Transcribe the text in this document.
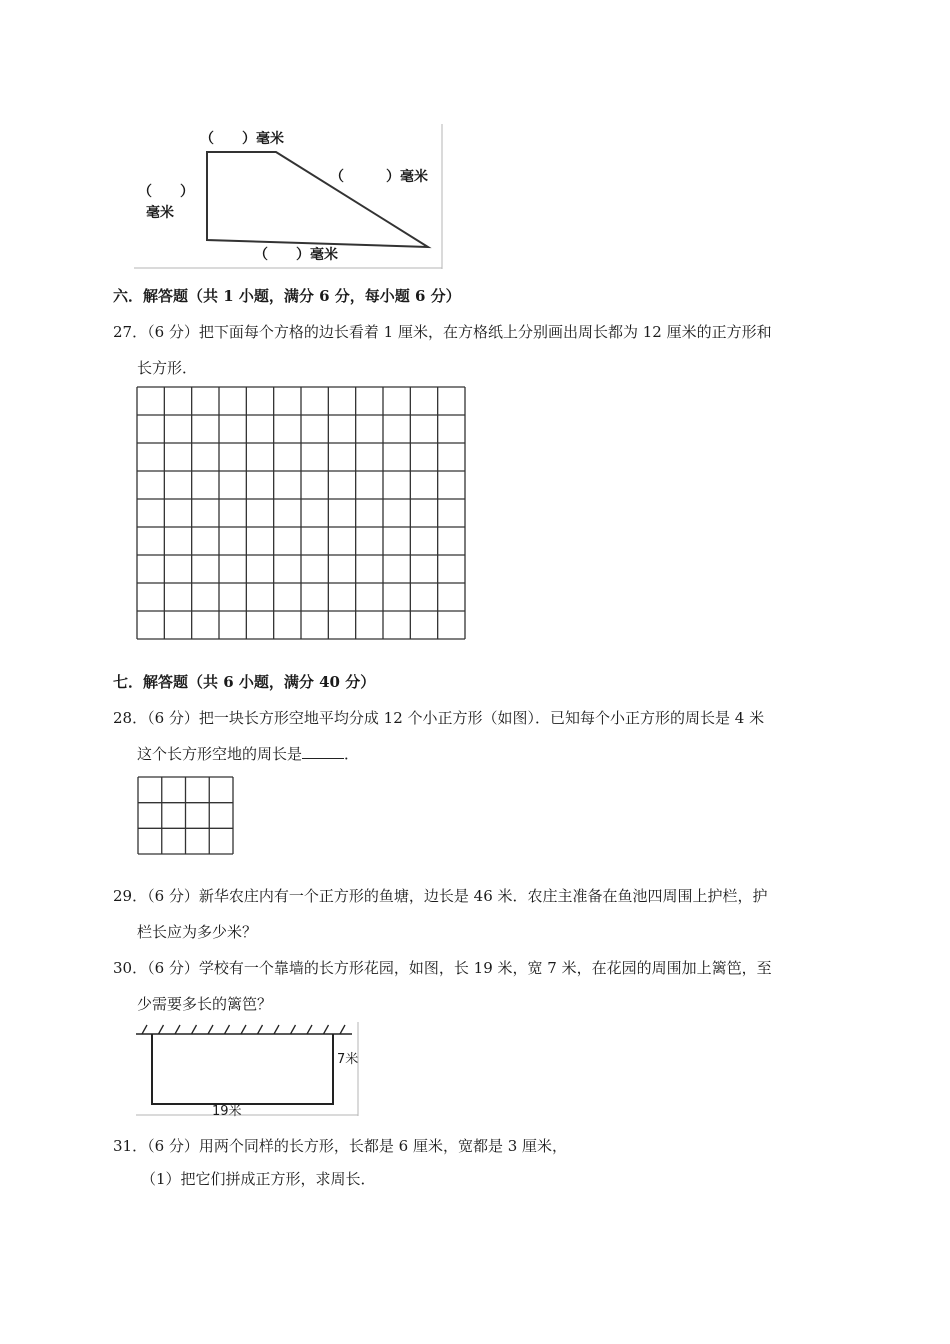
（　　）毫米
（　　　）毫米
（　　）
毫米
（　　）毫米
六．解答题（共 1 小题，满分 6 分，每小题 6 分）
27．（6 分）把下面每个方格的边长看着 1 厘米，在方格纸上分别画出周长都为 12 厘米的正方形和
长方形．
七．解答题（共 6 小题，满分 40 分）
28．（6 分）把一块长方形空地平均分成 12 个小正方形（如图）．已知每个小正方形的周长是 4 米
这个长方形空地的周长是	．
29．（6 分）新华农庄内有一个正方形的鱼塘，边长是 46 米．农庄主准备在鱼池四周围上护栏，护
栏长应为多少米？
30．（6 分）学校有一个靠墙的长方形花园，如图，长 19 米，宽 7 米，在花园的周围加上篱笆，至
少需要多长的篱笆？
7米
19米
31．（6 分）用两个同样的长方形，长都是 6 厘米，宽都是 3 厘米，
（1）把它们拼成正方形，求周长．
